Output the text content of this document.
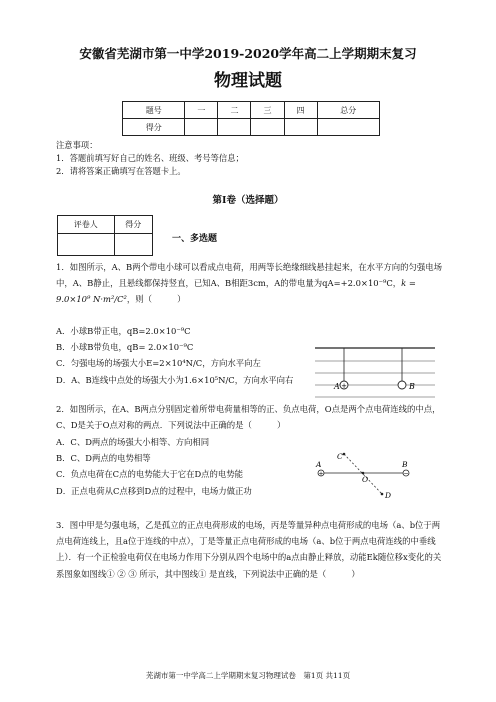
安徽省芜湖市第一中学2019-2020学年高二上学期期末复习
物理试题
题号	一	二	三	四	总分
得分					
注意事项：
1．答题前填写好自己的姓名、班级、考号等信息；
2．请将答案正确填写在答题卡上。
第I卷（选择题）
评卷人	得分

一、多选题
1．如图所示，A、B两个带电小球可以看成点电荷，用两等长绝缘细线悬挂起来，在水平方向的匀强电场中，A、B静止，且悬线都保持竖直，已知A、B相距3cm，A的带电量为qA=+2.0×10⁻⁹C，k = 9.0×10⁹ N·m²/C²，则（　　　）
A．小球B带正电，qB=2.0×10⁻⁹C
B．小球B带负电，qB= 2.0×10⁻⁹C
C．匀强电场的场强大小E=2×10⁴N/C，方向水平向左
D．A、B连线中点处的场强大小为1.6×10⁵N/C，方向水平向右
+
A	B
2．如图所示，在A、B两点分别固定着所带电荷量相等的正、负点电荷，O点是两个点电荷连线的中点，C、D是关于O点对称的两点．下列说法中正确的是（　　　）
A．C、D两点的场强大小相等、方向相同
B．C、D两点的电势相等
C．负点电荷在C点的电势能大于它在D点的电势能
D．正点电荷从C点移到D点的过程中，电场力做正功
+	−
A	B
C
D
O
3．图中甲是匀强电场，乙是孤立的正点电荷形成的电场，丙是等量异种点电荷形成的电场（a、b位于两点电荷连线上，且a位于连线的中点），丁是等量正点电荷形成的电场（a、b位于两点电荷连线的中垂线上）．有一个正检验电荷仅在电场力作用下分别从四个电场中的a点由静止释放，动能Ek随位移x变化的关系图象如图线① ② ③ 所示，其中图线① 是直线，下列说法中正确的是（　　　）
芜湖市第一中学高二上学期期末复习物理试卷　第1页 共11页
